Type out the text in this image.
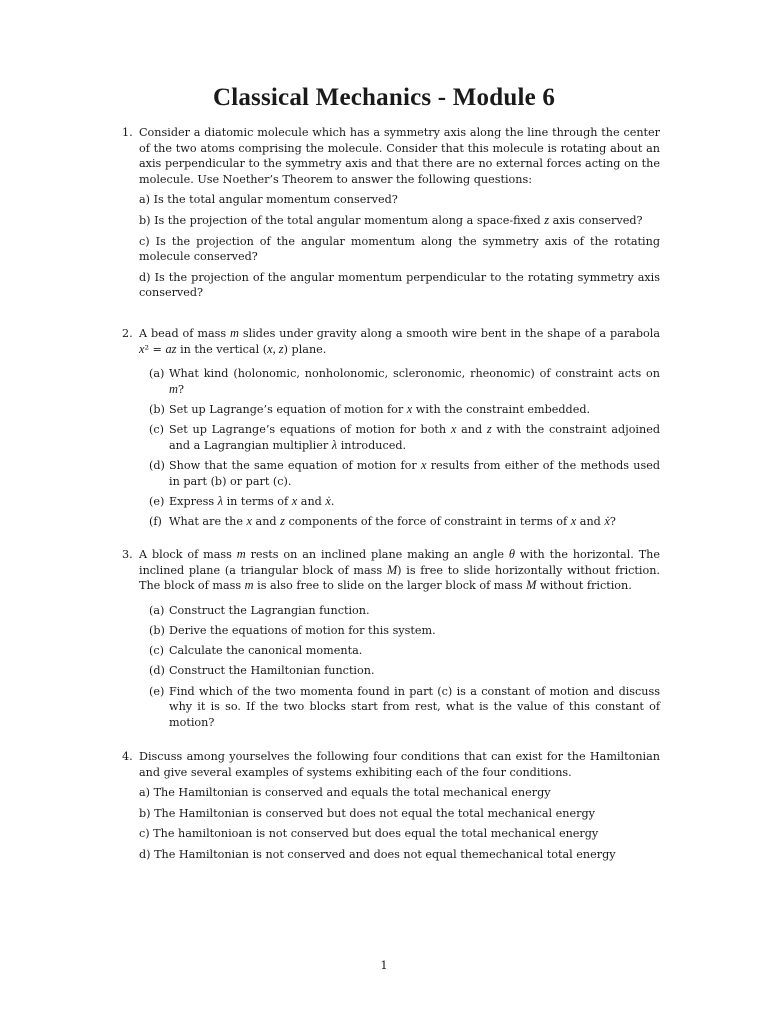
Classical Mechanics - Module 6
1. Consider a diatomic molecule which has a symmetry axis along the line through the center of the two atoms comprising the molecule. Consider that this molecule is rotating about an axis perpendicular to the symmetry axis and that there are no external forces acting on the molecule. Use Noether’s Theorem to answer the following questions:
a) Is the total angular momentum conserved?
b) Is the projection of the total angular momentum along a space-fixed z axis conserved?
c) Is the projection of the angular momentum along the symmetry axis of the rotating molecule conserved?
d) Is the projection of the angular momentum perpendicular to the rotating symmetry axis conserved?
2. A bead of mass m slides under gravity along a smooth wire bent in the shape of a parabola x² = az in the vertical (x, z) plane.
(a) What kind (holonomic, nonholonomic, scleronomic, rheonomic) of constraint acts on m?
(b) Set up Lagrange’s equation of motion for x with the constraint embedded.
(c) Set up Lagrange’s equations of motion for both x and z with the constraint adjoined and a Lagrangian multiplier λ introduced.
(d) Show that the same equation of motion for x results from either of the methods used in part (b) or part (c).
(e) Express λ in terms of x and ẋ.
(f) What are the x and z components of the force of constraint in terms of x and ẋ?
3. A block of mass m rests on an inclined plane making an angle θ with the horizontal. The inclined plane (a triangular block of mass M) is free to slide horizontally without friction. The block of mass m is also free to slide on the larger block of mass M without friction.
(a) Construct the Lagrangian function.
(b) Derive the equations of motion for this system.
(c) Calculate the canonical momenta.
(d) Construct the Hamiltonian function.
(e) Find which of the two momenta found in part (c) is a constant of motion and discuss why it is so. If the two blocks start from rest, what is the value of this constant of motion?
4. Discuss among yourselves the following four conditions that can exist for the Hamiltonian and give several examples of systems exhibiting each of the four conditions.
a) The Hamiltonian is conserved and equals the total mechanical energy
b) The Hamiltonian is conserved but does not equal the total mechanical energy
c) The hamiltonioan is not conserved but does equal the total mechanical energy
d) The Hamiltonian is not conserved and does not equal themechanical total energy
1
